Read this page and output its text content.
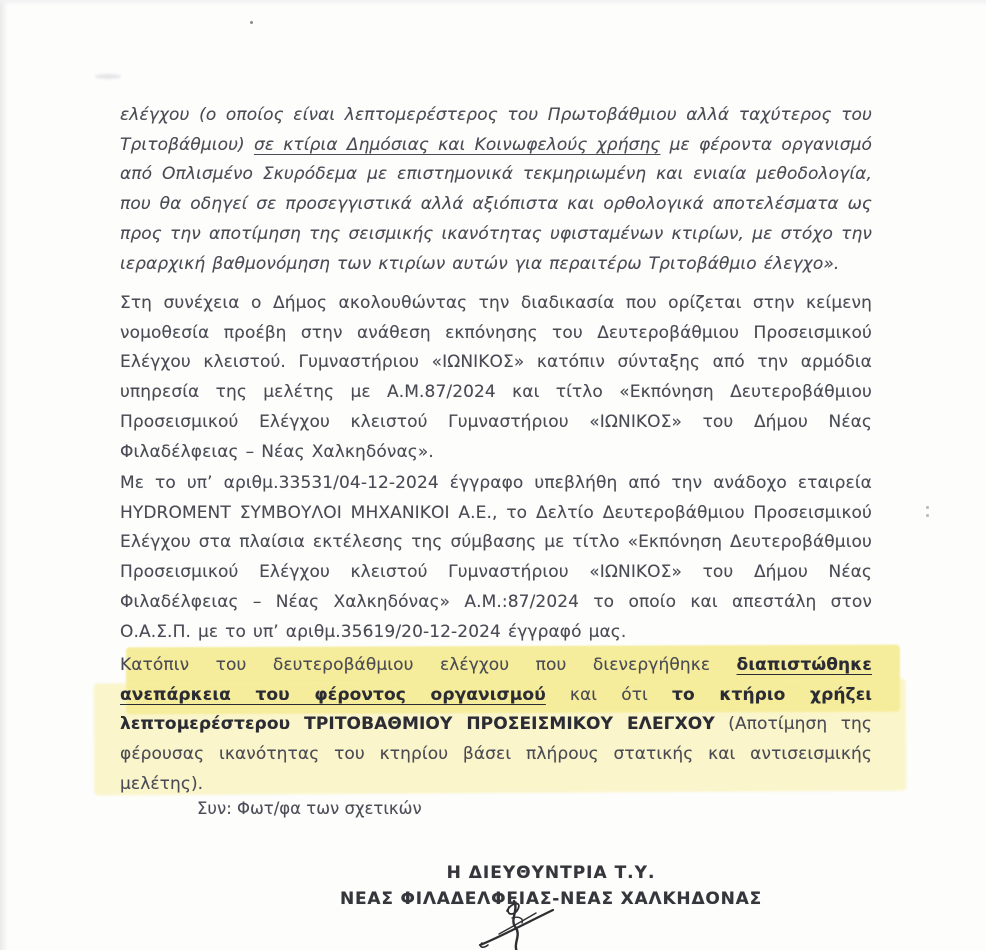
ελέγχου (ο οποίος είναι λεπτομερέστερος του Πρωτοβάθμιου αλλά ταχύτερος του Τριτοβάθμιου) σε κτίρια Δημόσιας και Κοινωφελούς χρήσης με φέροντα οργανισμό από Οπλισμένο Σκυρόδεμα με επιστημονικά τεκμηριωμένη και ενιαία μεθοδολογία, που θα οδηγεί σε προσεγγιστικά αλλά αξιόπιστα και ορθολογικά αποτελέσματα ως προς την αποτίμηση της σεισμικής ικανότητας υφισταμένων κτιρίων, με στόχο την ιεραρχική βαθμονόμηση των κτιρίων αυτών για περαιτέρω Τριτοβάθμιο έλεγχο».

Στη συνέχεια ο Δήμος ακολουθώντας την διαδικασία που ορίζεται στην κείμενη νομοθεσία προέβη στην ανάθεση εκπόνησης του Δευτεροβάθμιου Προσεισμικού Ελέγχου κλειστού. Γυμναστήριου «ΙΩΝΙΚΟΣ» κατόπιν σύνταξης από την αρμόδια υπηρεσία της μελέτης με Α.Μ.87/2024 και τίτλο «Εκπόνηση Δευτεροβάθμιου Προσεισμικού Ελέγχου κλειστού Γυμναστήριου «ΙΩΝΙΚΟΣ» του Δήμου Νέας Φιλαδέλφειας – Νέας Χαλκηδόνας».

Με το υπ’ αριθμ.33531/04-12-2024 έγγραφο υπεβλήθη από την ανάδοχο εταιρεία HYDROMENT ΣΥΜΒΟΥΛΟΙ ΜΗΧΑΝΙΚΟΙ Α.Ε., το Δελτίο Δευτεροβάθμιου Προσεισμικού Ελέγχου στα πλαίσια εκτέλεσης της σύμβασης με τίτλο «Εκπόνηση Δευτεροβάθμιου Προσεισμικού Ελέγχου κλειστού Γυμναστήριου «ΙΩΝΙΚΟΣ» του Δήμου Νέας Φιλαδέλφειας – Νέας Χαλκηδόνας» Α.Μ.:87/2024 το οποίο και απεστάλη στον Ο.Α.Σ.Π. με το υπ’ αριθμ.35619/20-12-2024 έγγραφό μας.

Κατόπιν του δευτεροβάθμιου ελέγχου που διενεργήθηκε διαπιστώθηκε ανεπάρκεια του φέροντος οργανισμού και ότι το κτήριο χρήζει λεπτομερέστερου ΤΡΙΤΟΒΑΘΜΙΟΥ ΠΡΟΣΕΙΣΜΙΚΟΥ ΕΛΕΓΧΟΥ (Αποτίμηση της φέρουσας ικανότητας του κτηρίου βάσει πλήρους στατικής και αντισεισμικής μελέτης).

Συν: Φωτ/φα των σχετικών

Η ΔΙΕΥΘΥΝΤΡΙΑ Τ.Υ.

ΝΕΑΣ ΦΙΛΑΔΕΛΦΕΙΑΣ-ΝΕΑΣ ΧΑΛΚΗΔΟΝΑΣ
